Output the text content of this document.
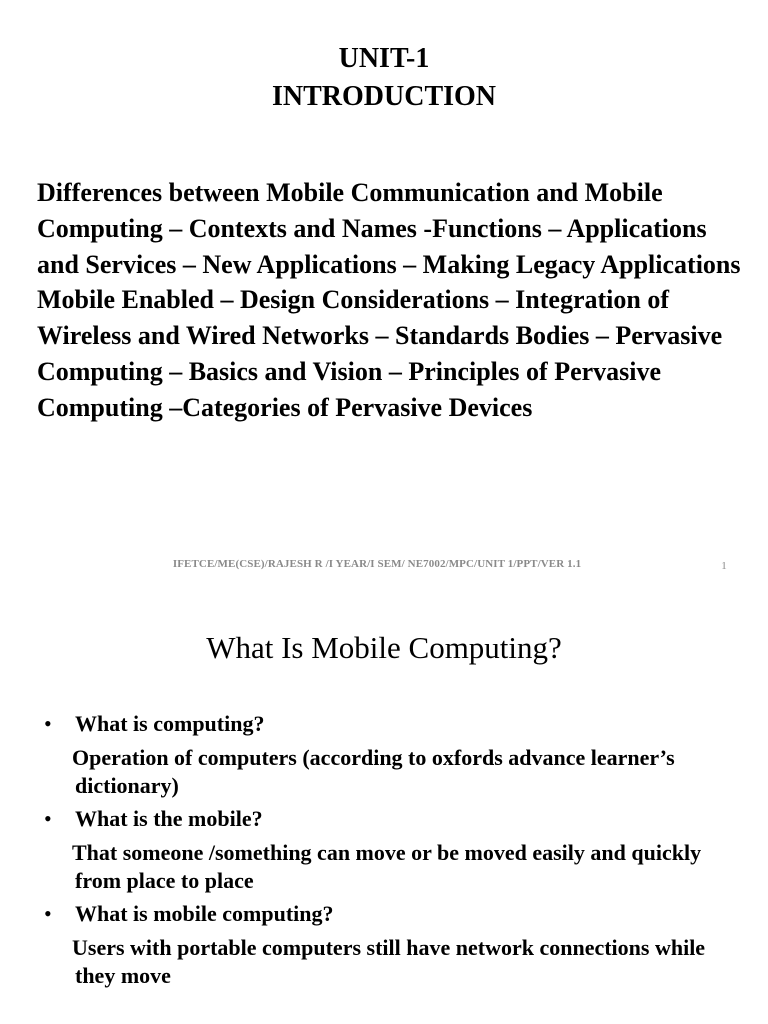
UNIT-1
INTRODUCTION

Differences between Mobile Communication and Mobile Computing – Contexts and Names -Functions – Applications and Services – New Applications – Making Legacy Applications Mobile Enabled – Design Considerations – Integration of Wireless and Wired Networks – Standards Bodies – Pervasive Computing – Basics and Vision – Principles of Pervasive Computing –Categories of Pervasive Devices

IFETCE/ME(CSE)/RAJESH R /I YEAR/I SEM/ NE7002/MPC/UNIT 1/PPT/VER 1.1	1
What Is Mobile Computing?
• What is computing?
Operation of computers (according to oxfords advance learner’s dictionary)
• What is the mobile?
That someone /something can move or be moved easily and quickly from place to place
• What is mobile computing?
Users with portable computers still have network connections while they move
